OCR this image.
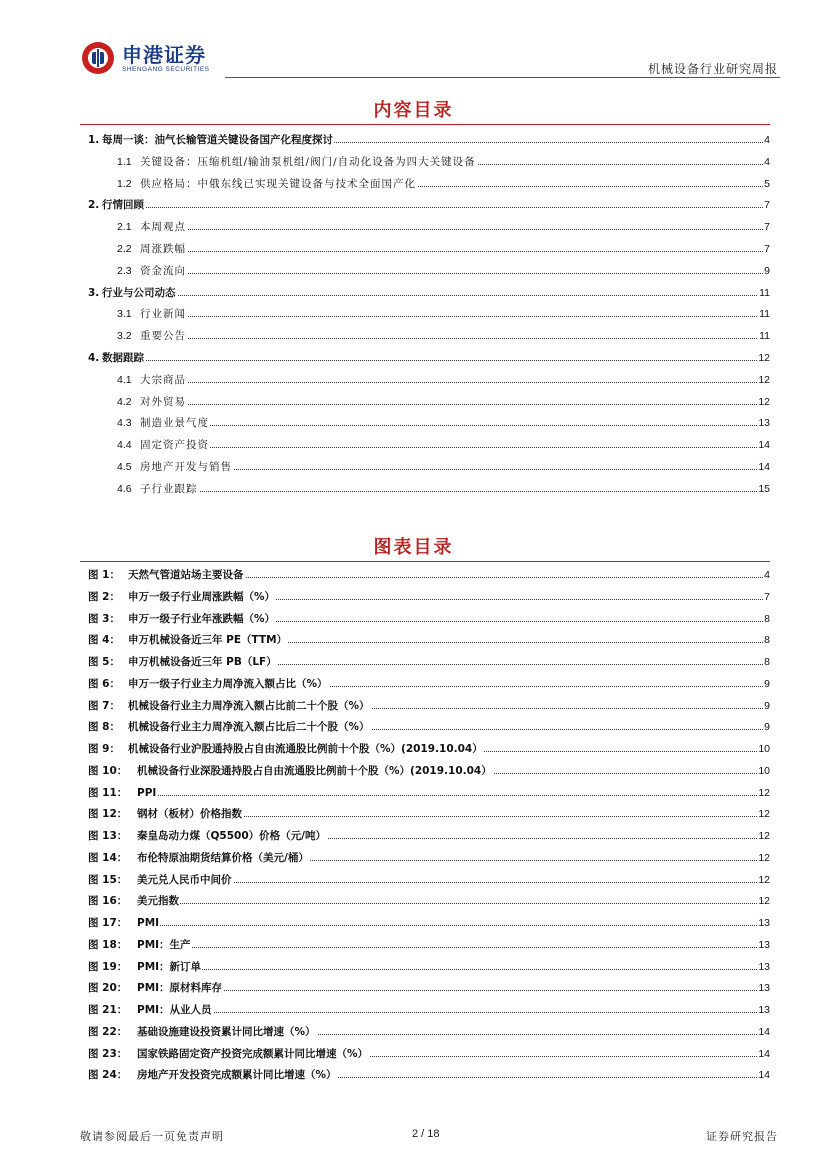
申港证券
SHENGANG SECURITIES	机械设备行业研究周报
内容目录
1. 每周一谈：油气长输管道关键设备国产化程度探讨	4
1.1 关键设备：压缩机组/输油泵机组/阀门/自动化设备为四大关键设备	4
1.2 供应格局：中俄东线已实现关键设备与技术全面国产化	5
2. 行情回顾	7
2.1 本周观点	7
2.2 周涨跌幅	7
2.3 资金流向	9
3. 行业与公司动态	11
3.1 行业新闻	11
3.2 重要公告	11
4. 数据跟踪	12
4.1 大宗商品	12
4.2 对外贸易	12
4.3 制造业景气度	13
4.4 固定资产投资	14
4.5 房地产开发与销售	14
4.6 子行业跟踪	15
图表目录
图 1： 天然气管道站场主要设备	4
图 2： 申万一级子行业周涨跌幅（%）	7
图 3： 申万一级子行业年涨跌幅（%）	8
图 4： 申万机械设备近三年 PE（TTM）	8
图 5： 申万机械设备近三年 PB（LF）	8
图 6： 申万一级子行业主力周净流入额占比（%）	9
图 7： 机械设备行业主力周净流入额占比前二十个股（%）	9
图 8： 机械设备行业主力周净流入额占比后二十个股（%）	9
图 9： 机械设备行业沪股通持股占自由流通股比例前十个股（%）(2019.10.04）	10
图 10： 机械设备行业深股通持股占自由流通股比例前十个股（%）(2019.10.04）	10
图 11： PPI	12
图 12： 钢材（板材）价格指数	12
图 13： 秦皇岛动力煤（Q5500）价格（元/吨）	12
图 14： 布伦特原油期货结算价格（美元/桶）	12
图 15： 美元兑人民币中间价	12
图 16： 美元指数	12
图 17： PMI	13
图 18： PMI：生产	13
图 19： PMI：新订单	13
图 20： PMI：原材料库存	13
图 21： PMI：从业人员	13
图 22： 基础设施建设投资累计同比增速（%）	14
图 23： 国家铁路固定资产投资完成额累计同比增速（%）	14
图 24： 房地产开发投资完成额累计同比增速（%）	14
敬请参阅最后一页免责声明	2 / 18	证券研究报告
